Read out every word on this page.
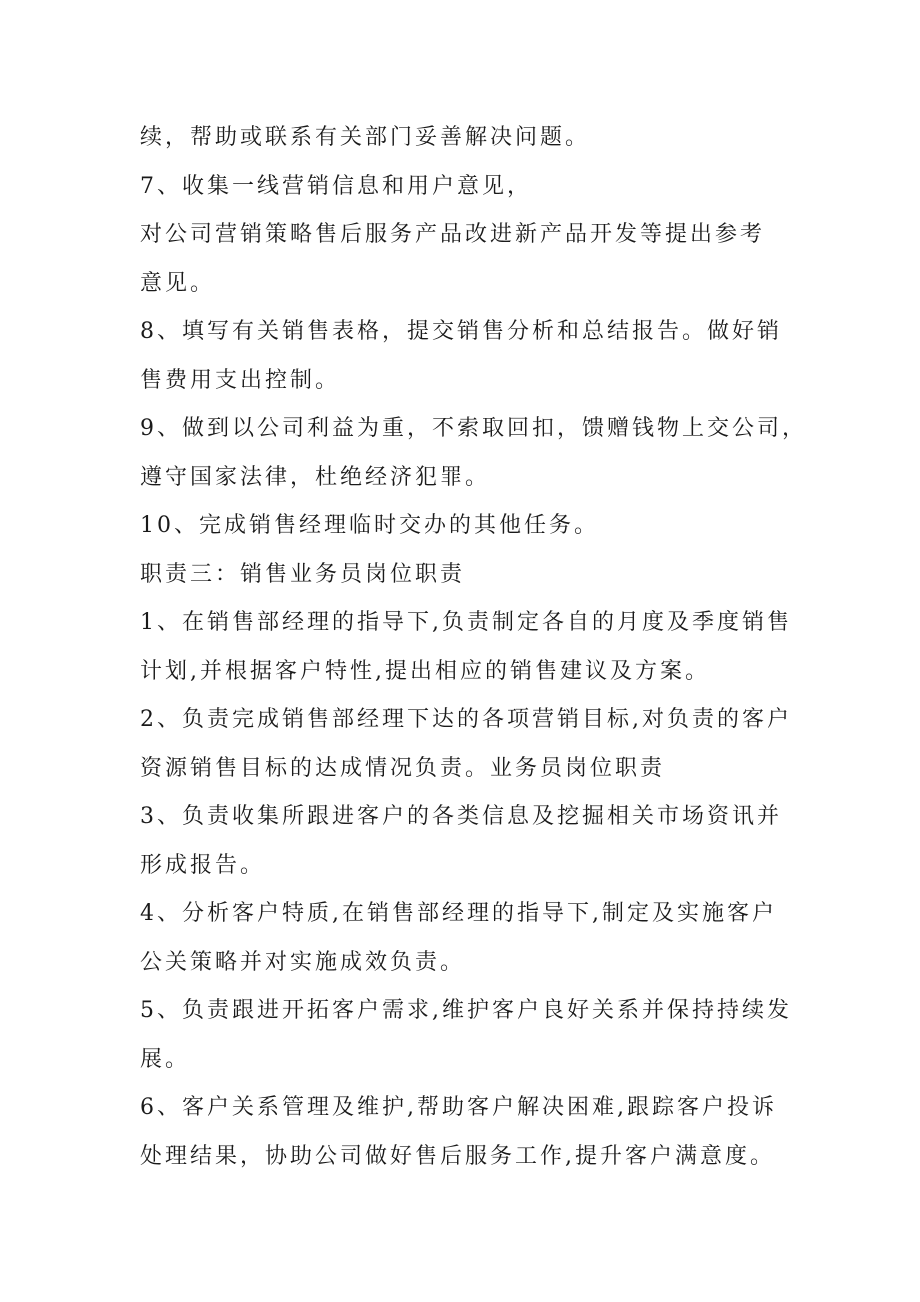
续，帮助或联系有关部门妥善解决问题。
7、收集一线营销信息和用户意见，
对公司营销策略售后服务产品改进新产品开发等提出参考
意见。
8、填写有关销售表格，提交销售分析和总结报告。做好销
售费用支出控制。
9、做到以公司利益为重，不索取回扣，馈赠钱物上交公司，
遵守国家法律，杜绝经济犯罪。
10、完成销售经理临时交办的其他任务。
职责三：销售业务员岗位职责
1、在销售部经理的指导下,负责制定各自的月度及季度销售
计划,并根据客户特性,提出相应的销售建议及方案。
2、负责完成销售部经理下达的各项营销目标,对负责的客户
资源销售目标的达成情况负责。业务员岗位职责
3、负责收集所跟进客户的各类信息及挖掘相关市场资讯并
形成报告。
4、分析客户特质,在销售部经理的指导下,制定及实施客户
公关策略并对实施成效负责。
5、负责跟进开拓客户需求,维护客户良好关系并保持持续发
展。
6、客户关系管理及维护,帮助客户解决困难,跟踪客户投诉
处理结果，协助公司做好售后服务工作,提升客户满意度。
